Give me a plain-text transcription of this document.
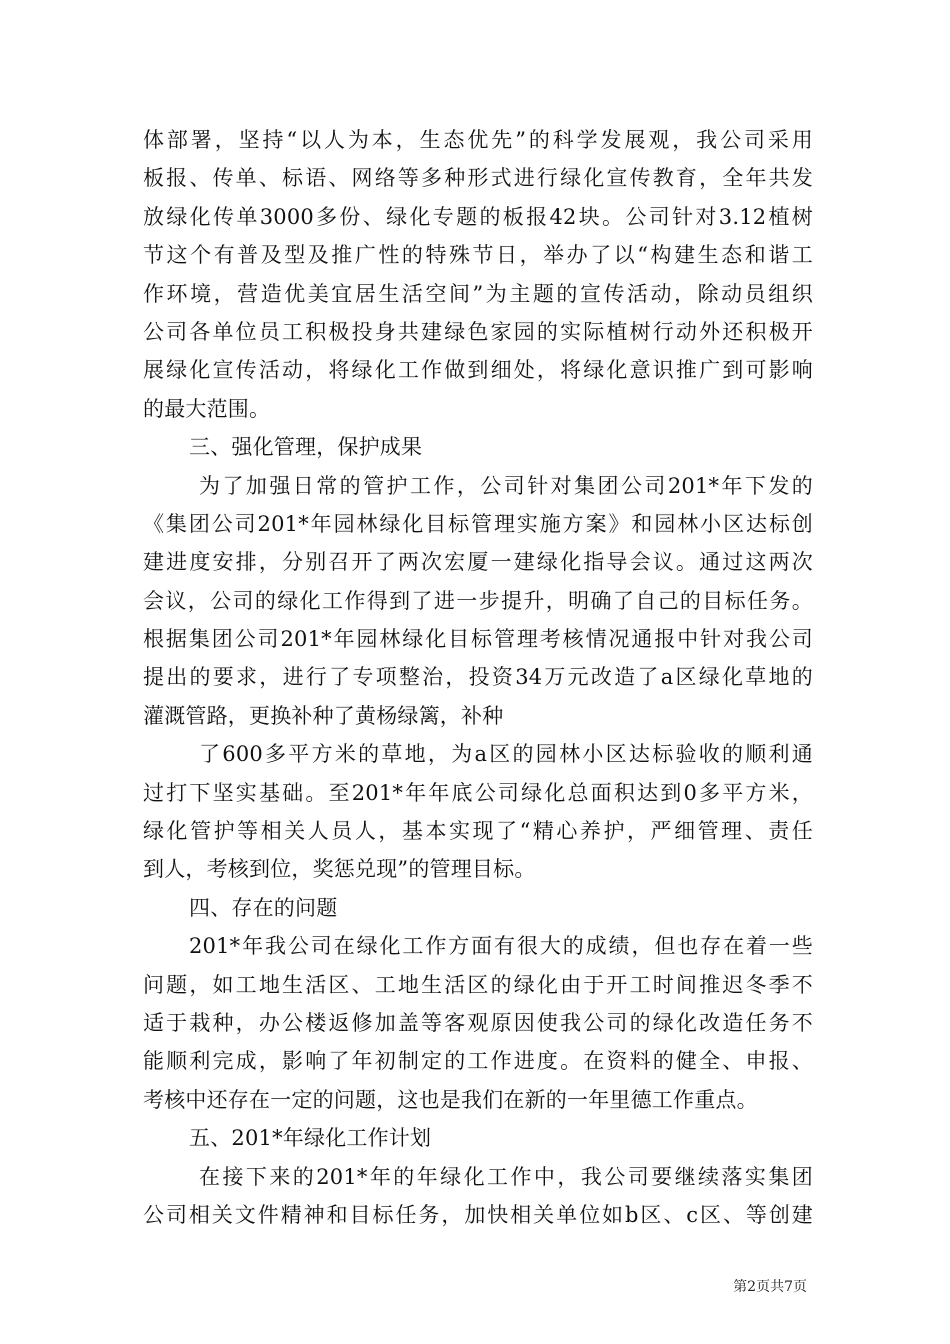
体部署，坚持“以人为本，生态优先”的科学发展观，我公司采用
板报、传单、标语、网络等多种形式进行绿化宣传教育，全年共发
放绿化传单3000多份、绿化专题的板报42块。公司针对3.12植树
节这个有普及型及推广性的特殊节日，举办了以“构建生态和谐工
作环境，营造优美宜居生活空间”为主题的宣传活动，除动员组织
公司各单位员工积极投身共建绿色家园的实际植树行动外还积极开
展绿化宣传活动，将绿化工作做到细处，将绿化意识推广到可影响
的最大范围。
三、强化管理，保护成果
为了加强日常的管护工作，公司针对集团公司201*年下发的
《集团公司201*年园林绿化目标管理实施方案》和园林小区达标创
建进度安排，分别召开了两次宏厦一建绿化指导会议。通过这两次
会议，公司的绿化工作得到了进一步提升，明确了自己的目标任务。
根据集团公司201*年园林绿化目标管理考核情况通报中针对我公司
提出的要求，进行了专项整治，投资34万元改造了a区绿化草地的
灌溉管路，更换补种了黄杨绿篱，补种
了600多平方米的草地，为a区的园林小区达标验收的顺利通
过打下坚实基础。至201*年年底公司绿化总面积达到0多平方米，
绿化管护等相关人员人，基本实现了“精心养护，严细管理、责任
到人，考核到位，奖惩兑现”的管理目标。
四、存在的问题
201*年我公司在绿化工作方面有很大的成绩，但也存在着一些
问题，如工地生活区、工地生活区的绿化由于开工时间推迟冬季不
适于栽种，办公楼返修加盖等客观原因使我公司的绿化改造任务不
能顺利完成，影响了年初制定的工作进度。在资料的健全、申报、
考核中还存在一定的问题，这也是我们在新的一年里德工作重点。
五、201*年绿化工作计划
在接下来的201*年的年绿化工作中，我公司要继续落实集团
公司相关文件精神和目标任务，加快相关单位如b区、c区、等创建
第2页共7页
